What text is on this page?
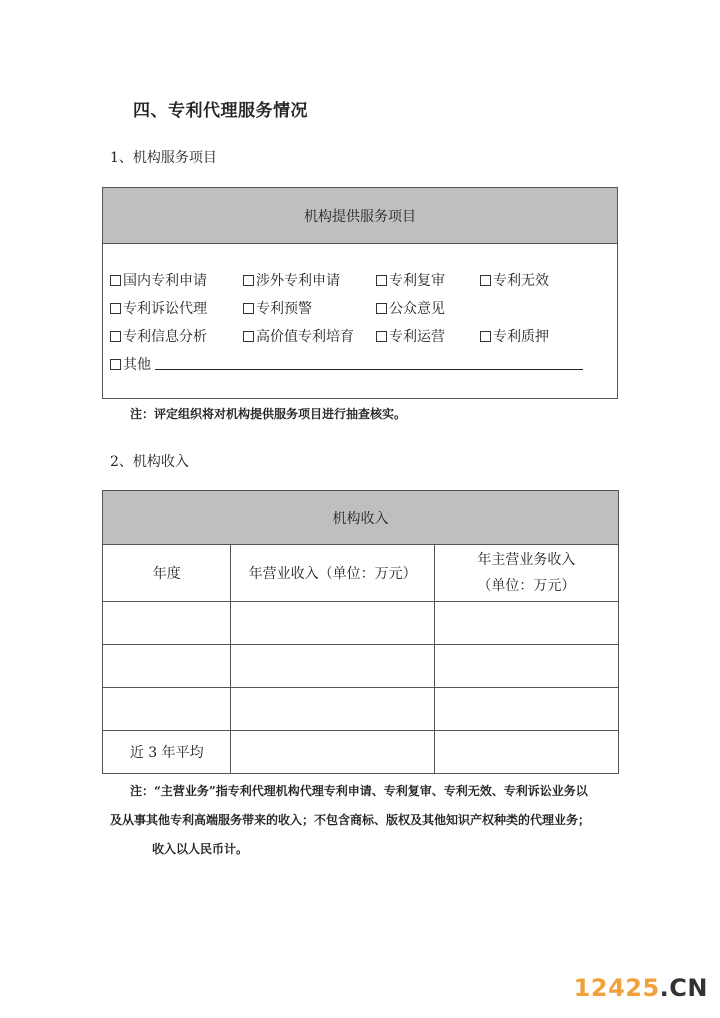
四、专利代理服务情况
1、机构服务项目
机构提供服务项目
国内专利申请	涉外专利申请	专利复审	专利无效
专利诉讼代理	专利预警	公众意见
专利信息分析	高价值专利培育	专利运营	专利质押
其他
注：评定组织将对机构提供服务项目进行抽查核实。
2、机构收入
机构收入		
年度	年营业收入（单位：万元）	年主营业务收入
（单位：万元）

近 3 年平均		
注：“主营业务”指专利代理机构代理专利申请、专利复审、专利无效、专利诉讼业务以
及从事其他专利高端服务带来的收入；不包含商标、版权及其他知识产权种类的代理业务；
收入以人民币计。
12425.CN
